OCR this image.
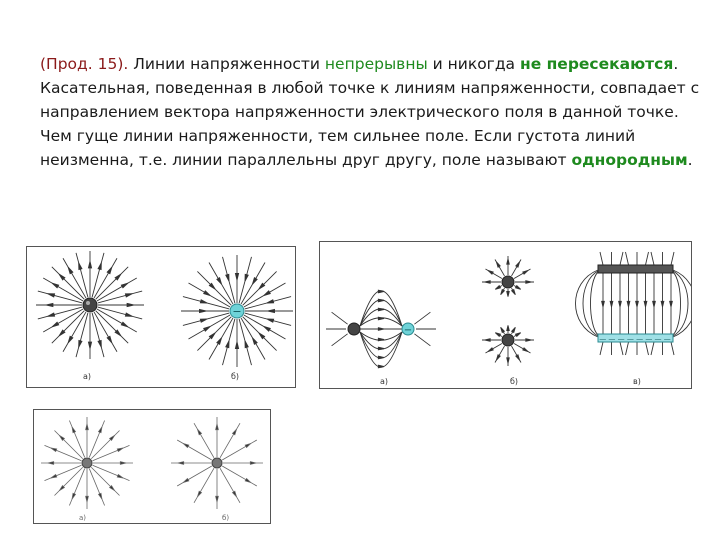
(Прод. 15). Линии напряженности непрерывны и никогда не пересекаются.

Касательная, поведенная в любой точке к линиям напряженности, совпадает с направлением вектора напряженности электрического поля в данной точке.

Чем гуще линии напряженности, тем сильнее поле. Если густота линий неизменна, т.е. линии параллельны друг другу, поле называют однородным.

а)	б)
−
— — — — — — — —
−
а)	б)	в)
а)	б)
